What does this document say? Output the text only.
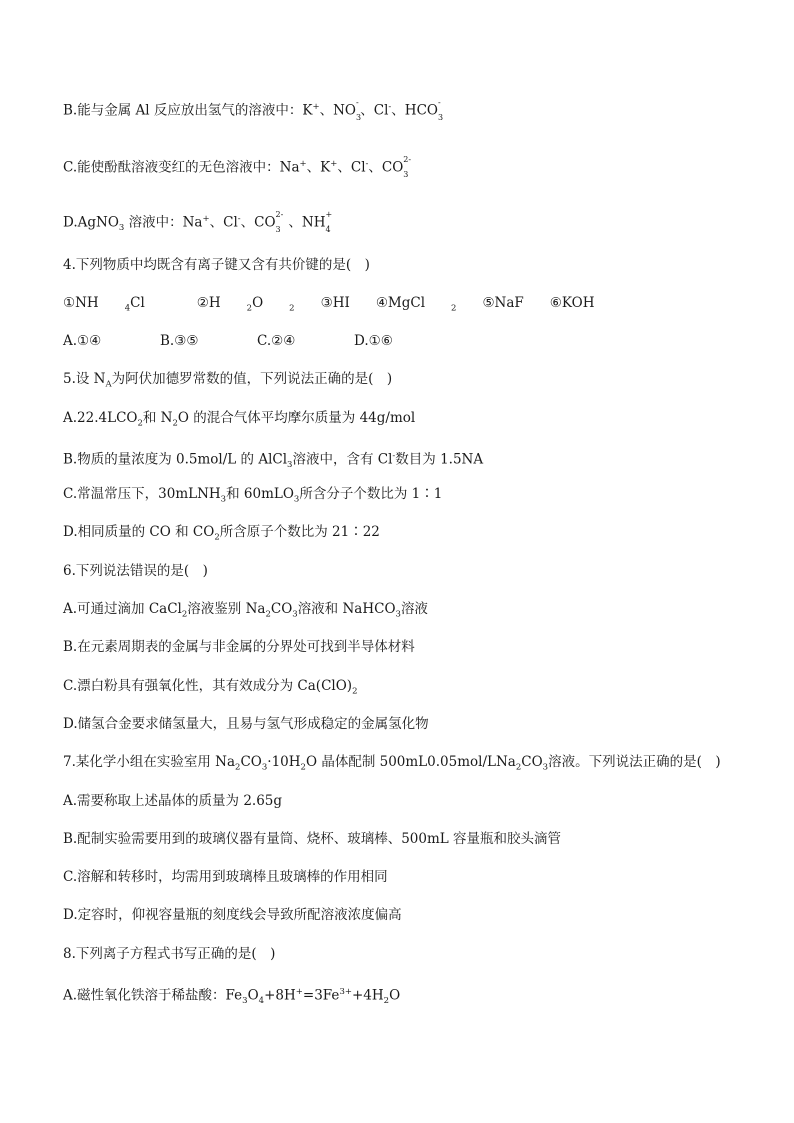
B.能与金属 Al 反应放出氢气的溶液中：K+、NO
-
3 、Cl-、HCO
-
3

C.能使酚酞溶液变红的无色溶液中：Na+、K+、Cl-、CO
2-
3

D.AgNO$_3$ 溶液中：Na+、Cl-、CO
2-
3 、NH
+
4

4.下列物质中均既含有离子键又含有共价键的是(　)
①NH	$_4$Cl	②H	$_2$O	$_2$ ③HI ④MgCl	$_2$ ⑤NaF ⑥KOH
A.①④	B.③⑤	C.②④	D.①⑥
5.设 $N_A$为阿伏加德罗常数的值，下列说法正确的是(　)
$A.22.4LCO_2$和 $N_2O$ 的混合气体平均摩尔质量为 44g/mol
B.物质的量浓度为 0.5mol/L 的 AlCl$_3$溶液中，含有 Cl-数目为 1.5NA
C.常温常压下，30mLNH$_3$和 60mLO$_3$所含分子个数比为 1∶1
D.相同质量的 CO 和 $CO_2$所含原子个数比为 21∶22
6.下列说法错误的是(　)
A.可通过滴加 CaCl$_2$溶液鉴别 $Na_2CO_3$溶液和 NaHCO$_3$溶液
B.在元素周期表的金属与非金属的分界处可找到半导体材料
C.漂白粉具有强氧化性，其有效成分为 $Ca(ClO)_2$
D.储氢合金要求储氢量大，且易与氢气形成稳定的金属氢化物
7.某化学小组在实验室用 $Na_2CO_3\cdot 10H_2O$ 晶体配制 $500mL0.05mol/LNa_2CO_3$溶液。下列说法正确的是(　)
A.需要称取上述晶体的质量为 2.65g
B.配制实验需要用到的玻璃仪器有量筒、烧杯、玻璃棒、500mL 容量瓶和胶头滴管
C.溶解和转移时，均需用到玻璃棒且玻璃棒的作用相同
D.定容时，仰视容量瓶的刻度线会导致所配溶液浓度偏高
8.下列离子方程式书写正确的是(　)
A.磁性氧化铁溶于稀盐酸：$Fe_3O_4+8H^+=3Fe^{3+}+4H_2O$
